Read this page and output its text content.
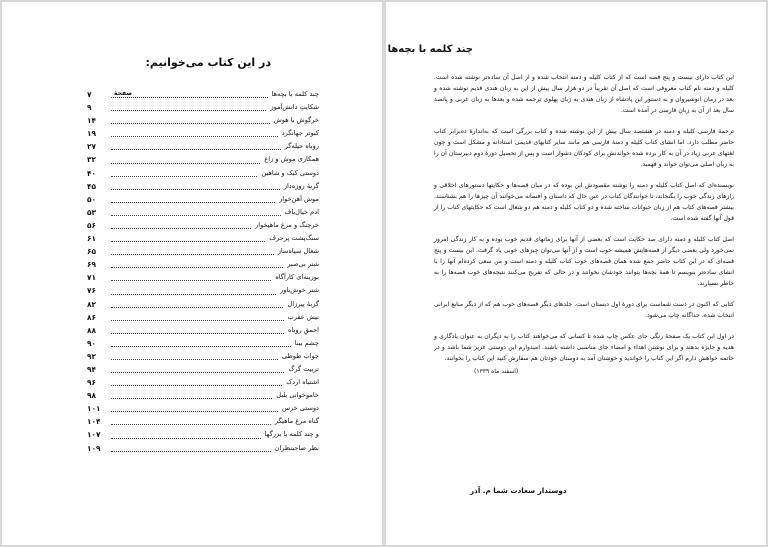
در این کتاب می‌خوانیم:
صفحهٔ	چند کلمه با بچه‌ها
۷
شکایتِ دانش‌آموز
۹
خرگوش با هوش
۱۴
کبوتر جهانگرد
۱۹
روباه حیله‌گر
۲۷
همکاری موش و زاغ
۳۲
دوستی کبک و شاهین
۴۰
گربهٔ روزه‌دار
۴۵
موش آهن‌خوار
۵۰
ادم خیال‌باف
۵۳
خرچنگ و مرغ ماهیخوار
۵۶
سنگ‌پشت پرحرف
۶۱
شغال سیاه‌ساز
۶۵
شتر بی‌صبر
۶۹
بوزینه‌ای کار‌آگاه
۷۱
شتر خوش‌باور
۷۶
گربهٔ پیرزال
۸۲
نیش عقرب
۸۶
احمقِ روباه
۸۸
چشم بینا
۹۰
جواب طوطی
۹۲
تربیت گرگ
۹۴
اشتباه اردک
۹۶
خاموخوانی بلبل
۹۸
دوستی خرس
۱۰۱
گناه مرغ ماهیگر
۱۰۴
و چند کلمه با بزرگها
۱۰۷
نظر صاحبنظران
۱۰۹
چند کلمه با بچه‌ها

این کتاب دارای بیست و پنج قصه است که از کتاب کلیله و دمنه انتخاب شده و از اصل آن ساده‌تر نوشته شده است. کلیله و دمنه نام کتاب معروفی است که اصل آن تقریباً در دو هزار سال پیش از این به زبان هندی قدیم نوشته شده و بعد در زمان انوشیروان و به دستور این پادشاه از زبان هندی به زبان پهلوی ترجمه شده و بعدها به زبان عربی و پانصد سال بعد از آن به زبان فارسی در آمده است.

ترجمهٔ فارسی کلیله و دمنه در هشتصد سال پیش از این نوشته شده و کتاب بزرگی است که به‌اندازهٔ ده‌برابر کتاب حاضر مطلب دارد. اما انشای کتاب کلیله و دمنهٔ فارسی هم مانند سایر کتابهای قدیمی استادانه و مشکل است و چون لغتهای عربی زیاد در آن به کار برده شده خواندنش برای کودکان دشوار است و پس از تحصیل دورهٔ دوم دبیرستان آن را به زبان اصلی می‌توان خواند و فهمید.

نویسنده‌ای که اصل کتاب کلیله و دمنه را نوشته مقصودش این بوده که در میان قصه‌ها و حکایتها دستورهای اخلاقی و رازهای زندگی خوب را بگنجاند، تا خوانندگان کتاب در عین حال که داستان و افسانه می‌خوانند آن چیزها را هم بشناسند. بیشتر قصه‌های کتاب هم از زبان حیوانات ساخته شده و دو کتاب کلیله و دمنه هم دو شغال است که حکایتهای کتاب را از قول آنها گفته شده است.

اصل کتاب کلیله و دمنه دارای صد حکایت است که بعضی از آنها برای زمانهای قدیم خوب بوده و به کار زندگی امروز نمی‌خورد ولی بعضی دیگر از قصه‌هایش همیشه خوب است و از آنها می‌توان چیزهای خوبی یاد گرفت. این بیست و پنج قصه‌ای که در این کتاب حاضر جمع شده همان قصه‌های خوب کتاب کلیله و دمنه است و من سعی کرده‌ام آنها را با انشای ساده‌تر بنویسم تا همهٔ بچه‌ها بتوانند خودشان بخوانند و در حالی که تفریح می‌کنند نتیجه‌های خوب قصه‌ها را به خاطر بسپارند.

کتابی که اکنون در دست شماست برای دورهٔ اول دبستان است. جلدهای دیگر قصه‌های خوب هم که از دیگر منابع ایرانی انتخاب شده، جداگانه چاپ می‌شود.

در اول این کتاب یک صفحهٔ رنگی جای عکس چاپ شده تا کسانی که می‌خواهند کتاب را به دیگران به عنوان یادگاری و هدیه و جایزه بدهند و برای نوشتن اهداء و امضاء جای مناسبی داشته باشند. امیدوارم این دوستی عزیز شما باشد و در خاتمه خواهش دارم اگر این کتاب را خواندید و خوشتان آمد به دوستان خودتان هم سفارش کنید این کتاب را بخوانند.

(اسفند ماه ۱۳۳۹)
دوستدار سعادت شما م. آذر
